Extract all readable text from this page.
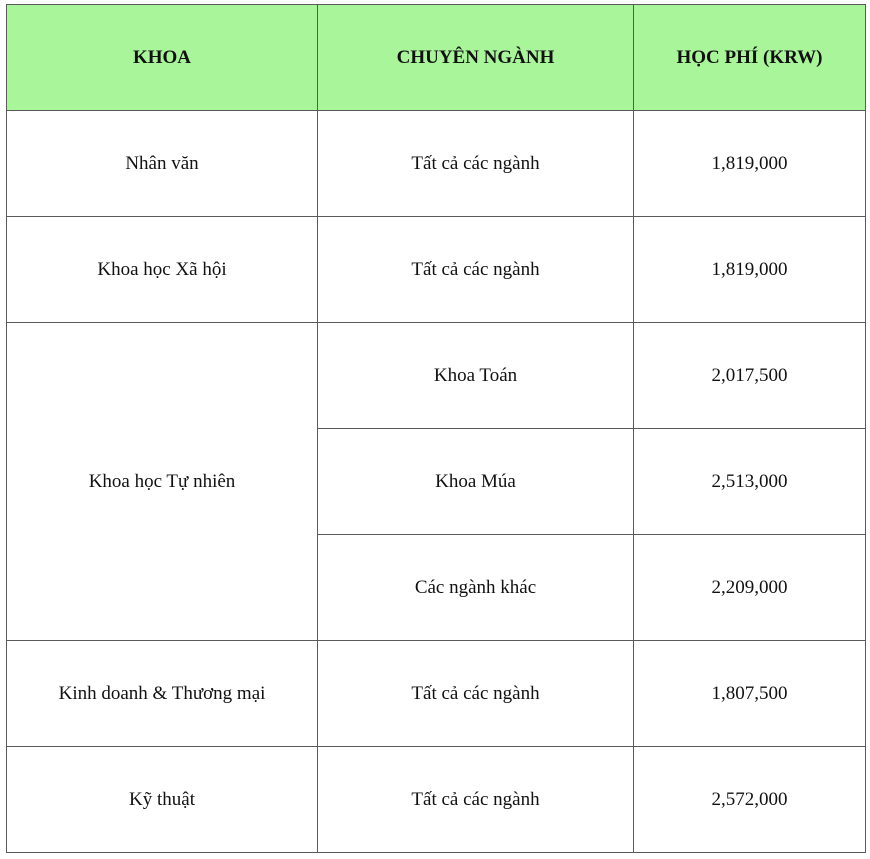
KHOA	CHUYÊN NGÀNH	HỌC PHÍ (KRW)
Nhân văn	Tất cả các ngành	1,819,000
Khoa học Xã hội	Tất cả các ngành	1,819,000
Khoa học Tự nhiên	Khoa Toán	2,017,500
	Khoa Múa	2,513,000
	Các ngành khác	2,209,000
Kinh doanh & Thương mại	Tất cả các ngành	1,807,500
Kỹ thuật	Tất cả các ngành	2,572,000
